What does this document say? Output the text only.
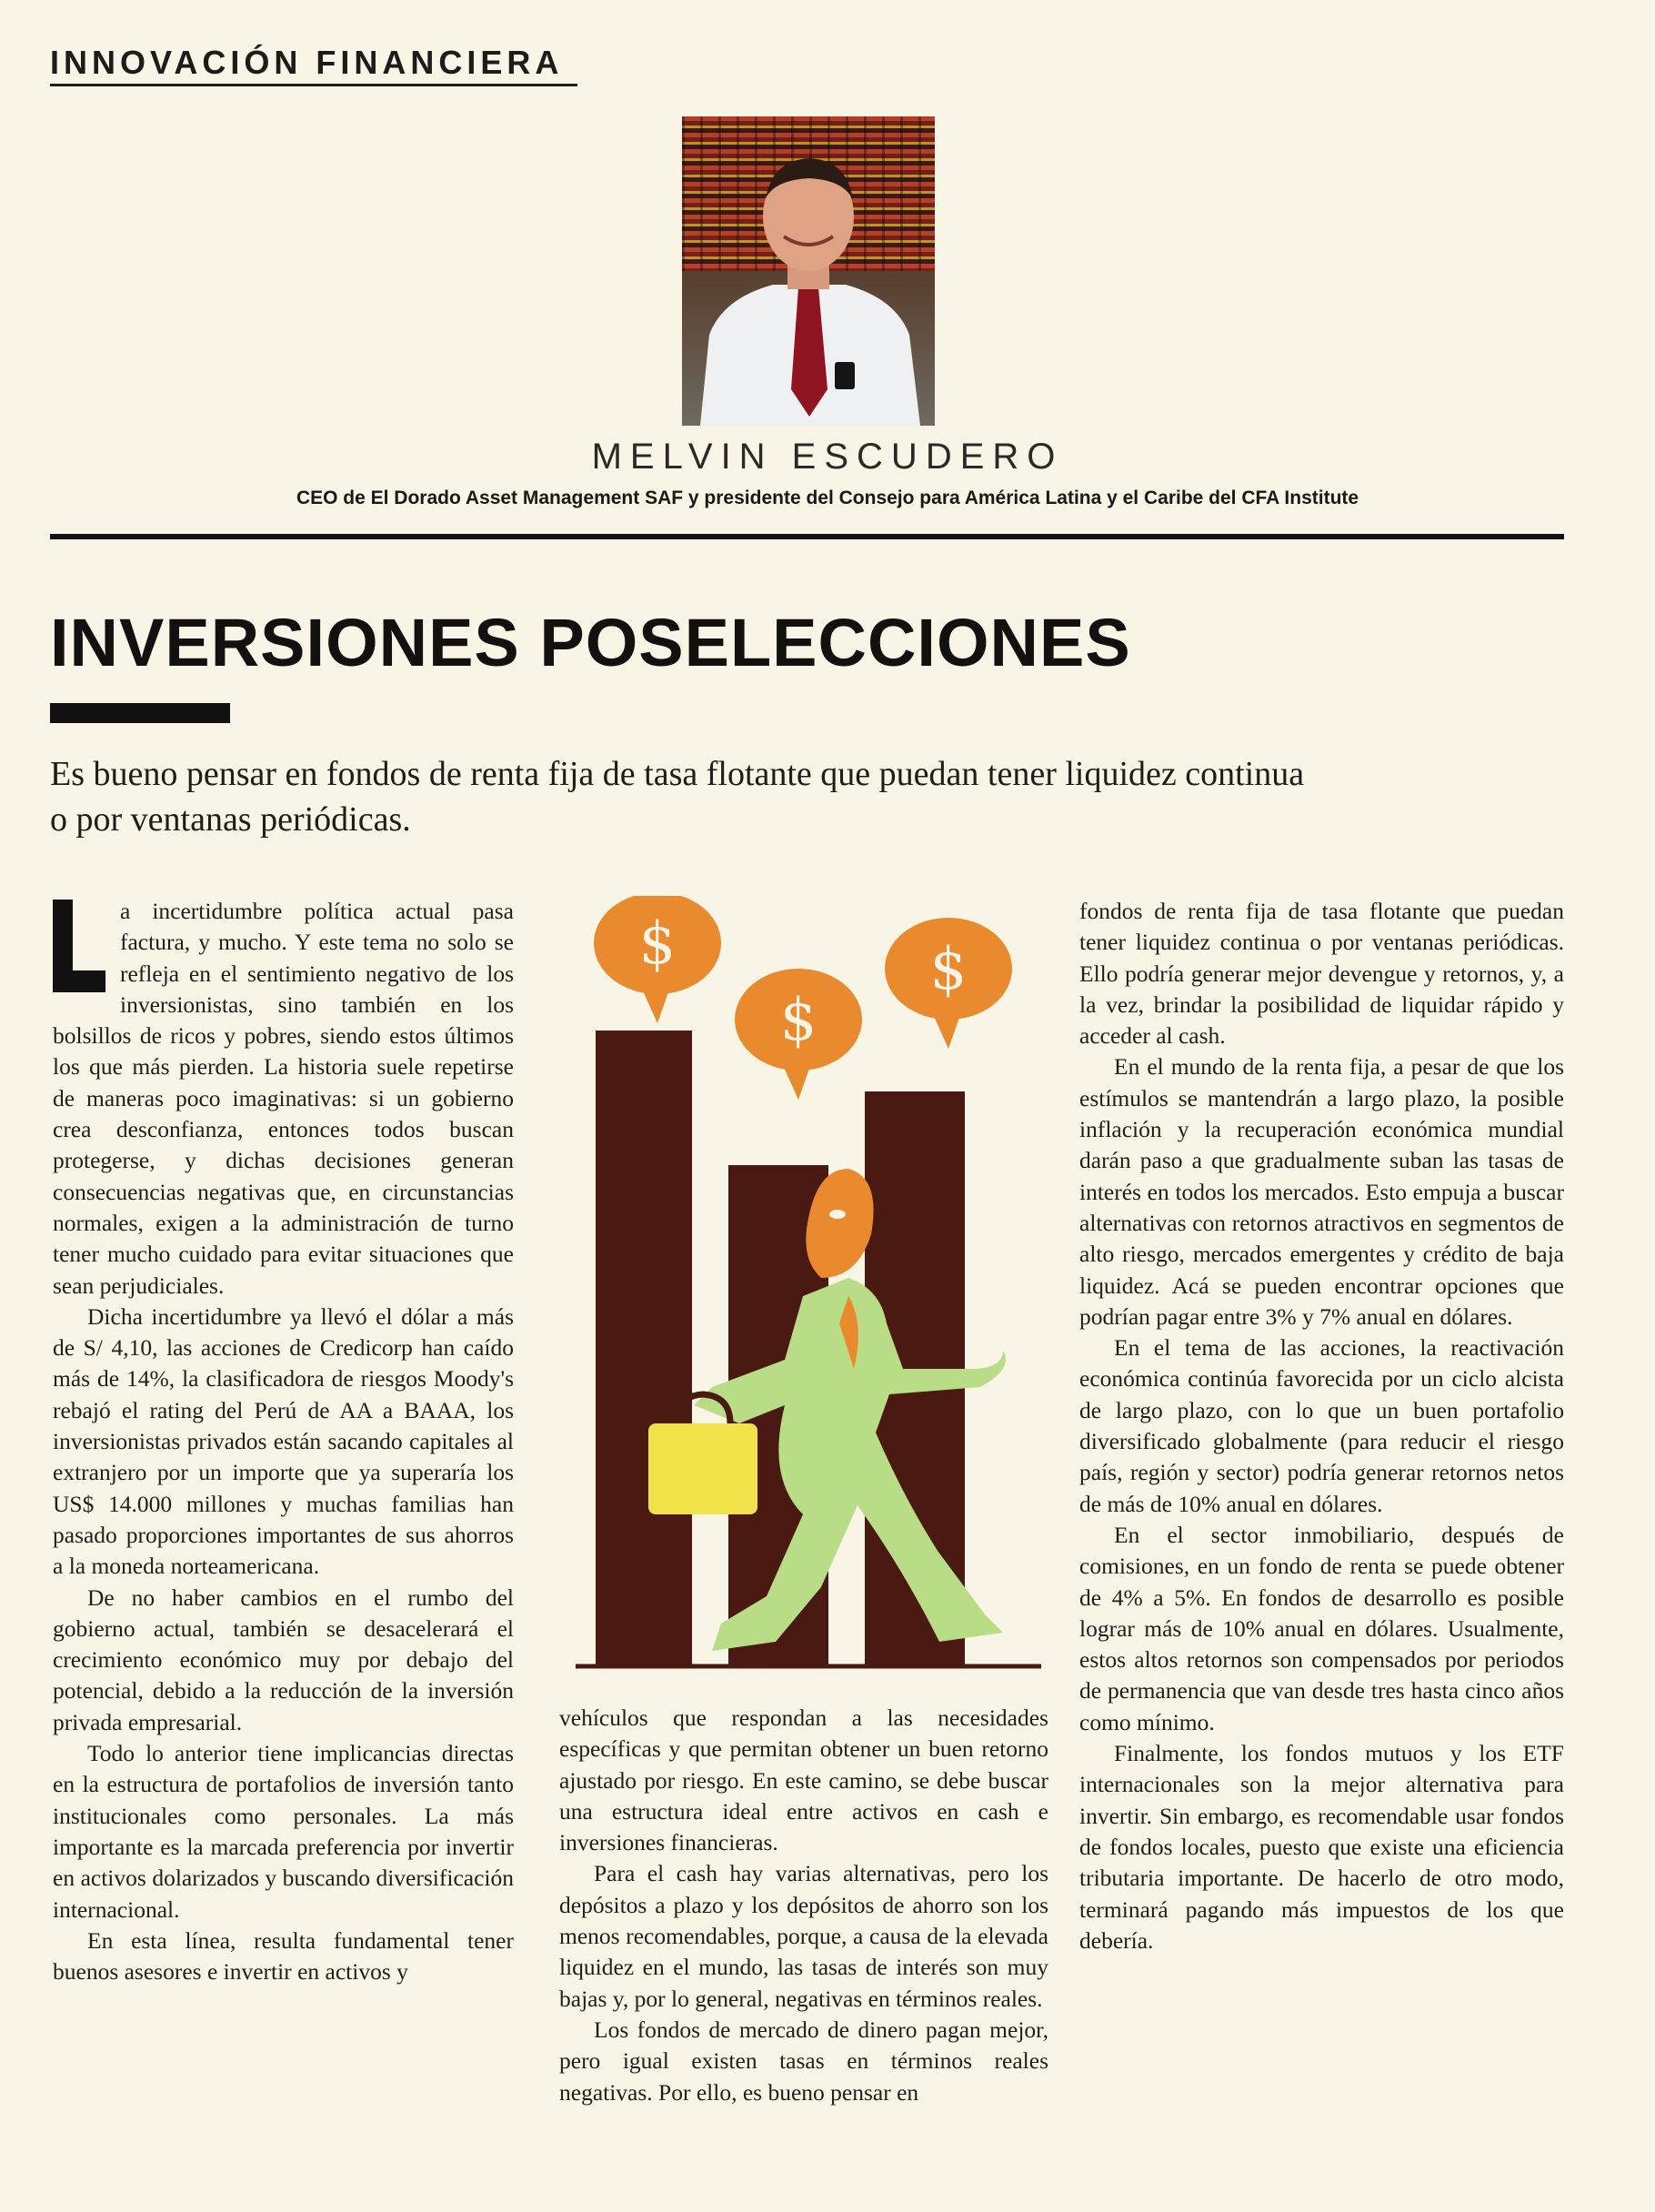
INNOVACIÓN FINANCIERA
MELVIN ESCUDERO
CEO de El Dorado Asset Management SAF y presidente del Consejo para América Latina y el Caribe del CFA Institute
INVERSIONES POSELECCIONES

Es bueno pensar en fondos de renta fija de tasa flotante que puedan tener liquidez continua o por ventanas periódicas.

a incertidumbre política actual pasa factura, y mucho. Y este tema no solo se refleja en el sentimiento negativo de los inversionistas, sino también en los bolsillos de ricos y pobres, siendo estos últimos los que más pierden. La historia suele repetirse de maneras poco imaginativas: si un gobierno crea desconfianza, entonces todos buscan protegerse, y dichas decisiones generan consecuencias negativas que, en circunstancias normales, exigen a la administración de turno tener mucho cuidado para evitar situaciones que sean perjudiciales.

Dicha incertidumbre ya llevó el dólar a más de S/ 4,10, las acciones de Credicorp han caído más de 14%, la clasificadora de riesgos Moody's rebajó el rating del Perú de AA a BAAA, los inversionistas privados están sacando capitales al extranjero por un importe que ya superaría los US$ 14.000 millones y muchas familias han pasado proporciones importantes de sus ahorros a la moneda norteamericana.

De no haber cambios en el rumbo del gobierno actual, también se desacelerará el crecimiento económico muy por debajo del potencial, debido a la reducción de la inversión privada empresarial.

Todo lo anterior tiene implicancias directas en la estructura de portafolios de inversión tanto institucionales como personales. La más importante es la marcada preferencia por invertir en activos dolarizados y buscando diversificación internacional.

En esta línea, resulta fundamental tener buenos asesores e invertir en activos y

$
$
$

vehículos que respondan a las necesidades específicas y que permitan obtener un buen retorno ajustado por riesgo. En este camino, se debe buscar una estructura ideal entre activos en cash e inversiones financieras.

Para el cash hay varias alternativas, pero los depósitos a plazo y los depósitos de ahorro son los menos recomendables, porque, a causa de la elevada liquidez en el mundo, las tasas de interés son muy bajas y, por lo general, negativas en términos reales.

Los fondos de mercado de dinero pagan mejor, pero igual existen tasas en términos reales negativas. Por ello, es bueno pensar en

fondos de renta fija de tasa flotante que puedan tener liquidez continua o por ventanas periódicas. Ello podría generar mejor devengue y retornos, y, a la vez, brindar la posibilidad de liquidar rápido y acceder al cash.

En el mundo de la renta fija, a pesar de que los estímulos se mantendrán a largo plazo, la posible inflación y la recuperación económica mundial darán paso a que gradualmente suban las tasas de interés en todos los mercados. Esto empuja a buscar alternativas con retornos atractivos en segmentos de alto riesgo, mercados emergentes y crédito de baja liquidez. Acá se pueden encontrar opciones que podrían pagar entre 3% y 7% anual en dólares.

En el tema de las acciones, la reactivación económica continúa favorecida por un ciclo alcista de largo plazo, con lo que un buen portafolio diversificado globalmente (para reducir el riesgo país, región y sector) podría generar retornos netos de más de 10% anual en dólares.

En el sector inmobiliario, después de comisiones, en un fondo de renta se puede obtener de 4% a 5%. En fondos de desarrollo es posible lograr más de 10% anual en dólares. Usualmente, estos altos retornos son compensados por periodos de permanencia que van desde tres hasta cinco años como mínimo.

Finalmente, los fondos mutuos y los ETF internacionales son la mejor alternativa para invertir. Sin embargo, es recomendable usar fondos de fondos locales, puesto que existe una eficiencia tributaria importante. De hacerlo de otro modo, terminará pagando más impuestos de los que debería.
